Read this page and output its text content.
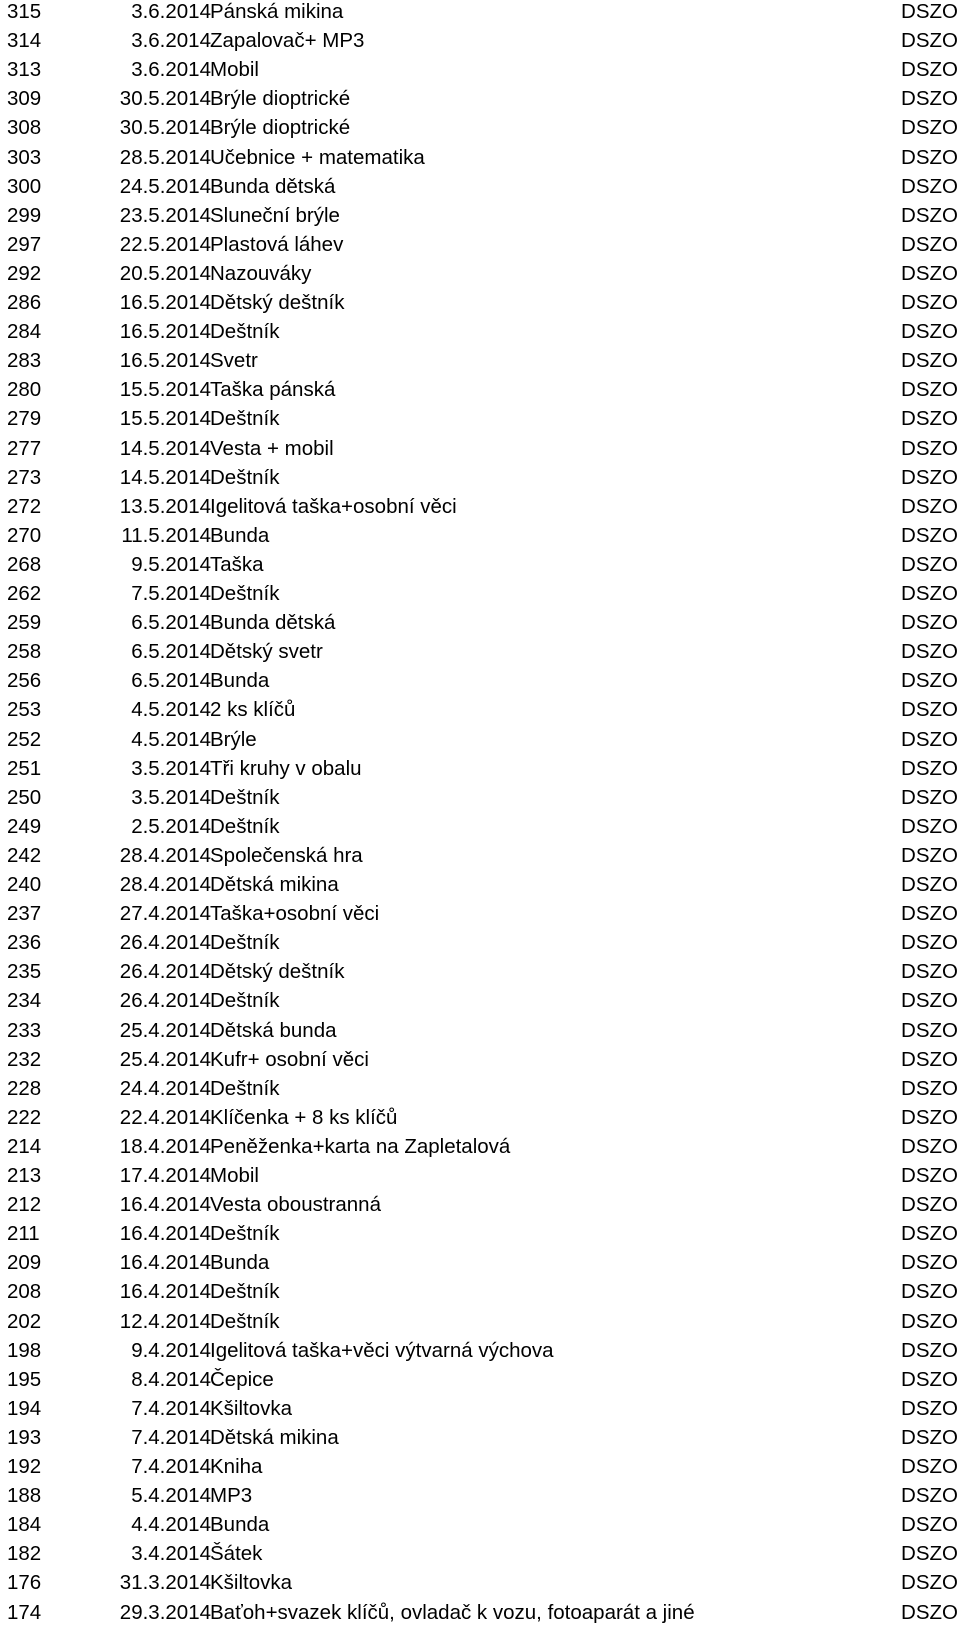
315	3.6.2014 Pánská mikina	DSZO
314	3.6.2014 Zapalovač+ MP3	DSZO
313	3.6.2014 Mobil	DSZO
309	30.5.2014 Brýle dioptrické	DSZO
308	30.5.2014 Brýle dioptrické	DSZO
303	28.5.2014 Učebnice + matematika	DSZO
300	24.5.2014 Bunda dětská	DSZO
299	23.5.2014 Sluneční brýle	DSZO
297	22.5.2014 Plastová láhev	DSZO
292	20.5.2014 Nazouváky	DSZO
286	16.5.2014 Dětský deštník	DSZO
284	16.5.2014 Deštník	DSZO
283	16.5.2014 Svetr	DSZO
280	15.5.2014 Taška pánská	DSZO
279	15.5.2014 Deštník	DSZO
277	14.5.2014 Vesta + mobil	DSZO
273	14.5.2014 Deštník	DSZO
272	13.5.2014 Igelitová taška+osobní věci	DSZO
270	11.5.2014 Bunda	DSZO
268	9.5.2014 Taška	DSZO
262	7.5.2014 Deštník	DSZO
259	6.5.2014 Bunda dětská	DSZO
258	6.5.2014 Dětský svetr	DSZO
256	6.5.2014 Bunda	DSZO
253	4.5.2014 2 ks klíčů	DSZO
252	4.5.2014 Brýle	DSZO
251	3.5.2014 Tři kruhy v obalu	DSZO
250	3.5.2014 Deštník	DSZO
249	2.5.2014 Deštník	DSZO
242	28.4.2014 Společenská hra	DSZO
240	28.4.2014 Dětská mikina	DSZO
237	27.4.2014 Taška+osobní věci	DSZO
236	26.4.2014 Deštník	DSZO
235	26.4.2014 Dětský deštník	DSZO
234	26.4.2014 Deštník	DSZO
233	25.4.2014 Dětská bunda	DSZO
232	25.4.2014 Kufr+ osobní věci	DSZO
228	24.4.2014 Deštník	DSZO
222	22.4.2014 Klíčenka + 8 ks klíčů	DSZO
214	18.4.2014 Peněženka+karta na Zapletalová	DSZO
213	17.4.2014 Mobil	DSZO
212	16.4.2014 Vesta oboustranná	DSZO
211	16.4.2014 Deštník	DSZO
209	16.4.2014 Bunda	DSZO
208	16.4.2014 Deštník	DSZO
202	12.4.2014 Deštník	DSZO
198	9.4.2014 Igelitová taška+věci výtvarná výchova	DSZO
195	8.4.2014 Čepice	DSZO
194	7.4.2014 Kšiltovka	DSZO
193	7.4.2014 Dětská mikina	DSZO
192	7.4.2014 Kniha	DSZO
188	5.4.2014 MP3	DSZO
184	4.4.2014 Bunda	DSZO
182	3.4.2014 Šátek	DSZO
176	31.3.2014 Kšiltovka	DSZO
174	29.3.2014 Baťoh+svazek klíčů, ovladač k vozu, fotoaparát a jiné	DSZO
